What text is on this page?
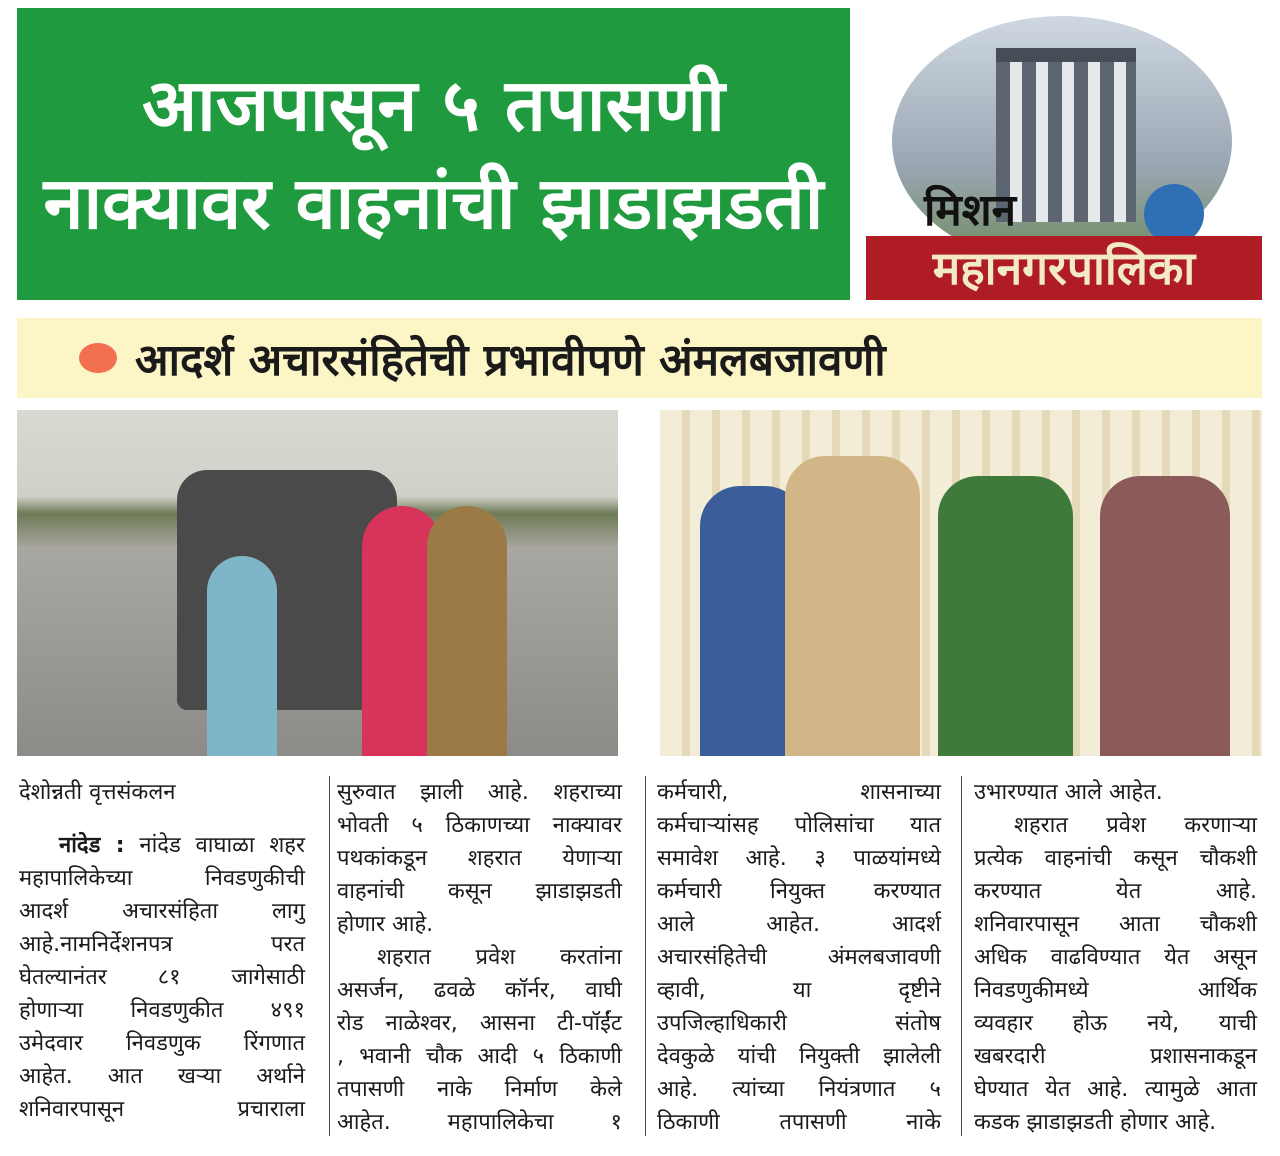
आजपासून ५ तपासणी
नाक्यावर वाहनांची झाडाझडती मिशन
महानगरपालिका
आदर्श अचारसंहितेची प्रभावीपणे अंमलबजावणी
देशोन्नती वृत्तसंकलन
नांदेड : नांदेड वाघाळा शहर
महापालिकेच्या निवडणुकीची
आदर्श अचारसंहिता लागु
आहे.नामनिर्देशनपत्र परत
घेतल्यानंतर ८१ जागेसाठी
होणाऱ्या निवडणुकीत ४९१
उमेदवार निवडणुक रिंगणात
आहेत. आत खऱ्या अर्थाने
शनिवारपासून प्रचाराला
सुरुवात झाली आहे. शहराच्या
भोवती ५ ठिकाणच्या नाक्यावर
पथकांकडून शहरात येणाऱ्या
वाहनांची कसून झाडाझडती
होणार आहे.
शहरात प्रवेश करतांना
असर्जन, ढवळे कॉर्नर, वाघी
रोड नाळेश्वर, आसना टी-पॉईंट
, भवानी चौक आदी ५ ठिकाणी
तपासणी नाके निर्माण केले
आहेत. महापालिकेचा १
कर्मचारी, शासनाच्या
कर्मचाऱ्यांसह पोलिसांचा यात
समावेश आहे. ३ पाळयांमध्ये
कर्मचारी नियुक्त करण्यात
आले आहेत. आदर्श
अचारसंहितेची अंमलबजावणी
व्हावी, या दृष्टीने
उपजिल्हाधिकारी संतोष
देवकुळे यांची नियुक्ती झालेली
आहे. त्यांच्या नियंत्रणात ५
ठिकाणी तपासणी नाके
उभारण्यात आले आहेत.
शहरात प्रवेश करणाऱ्या
प्रत्येक वाहनांची कसून चौकशी
करण्यात येत आहे.
शनिवारपासून आता चौकशी
अधिक वाढविण्यात येत असून
निवडणुकीमध्ये आर्थिक
व्यवहार होऊ नये, याची
खबरदारी प्रशासनाकडून
घेण्यात येत आहे. त्यामुळे आता
कडक झाडाझडती होणार आहे.
